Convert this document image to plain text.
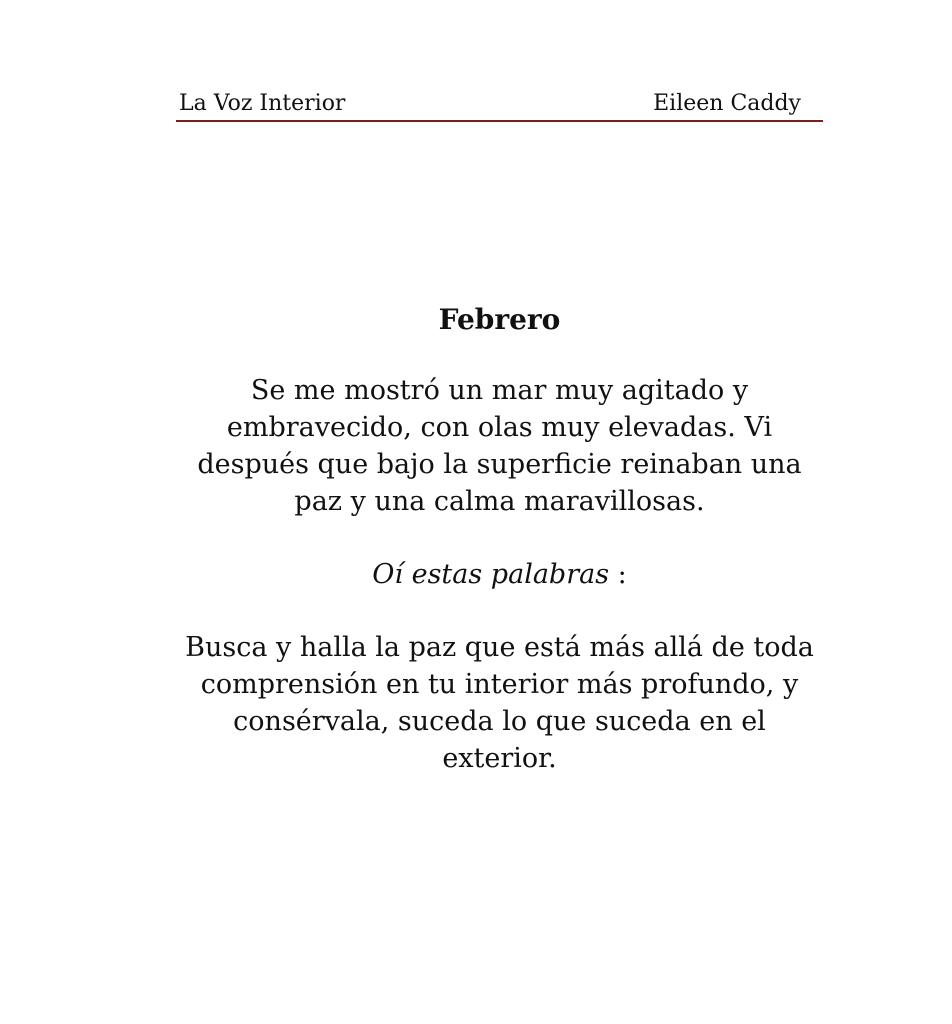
La Voz Interior	Eileen Caddy
Febrero
Se me mostró un mar muy agitado y embravecido, con olas muy elevadas. Vi después que bajo la superficie reinaban una paz y una calma maravillosas.
Oí estas palabras :
Busca y halla la paz que está más allá de toda comprensión en tu interior más profundo, y consérvala, suceda lo que suceda en el exterior.
